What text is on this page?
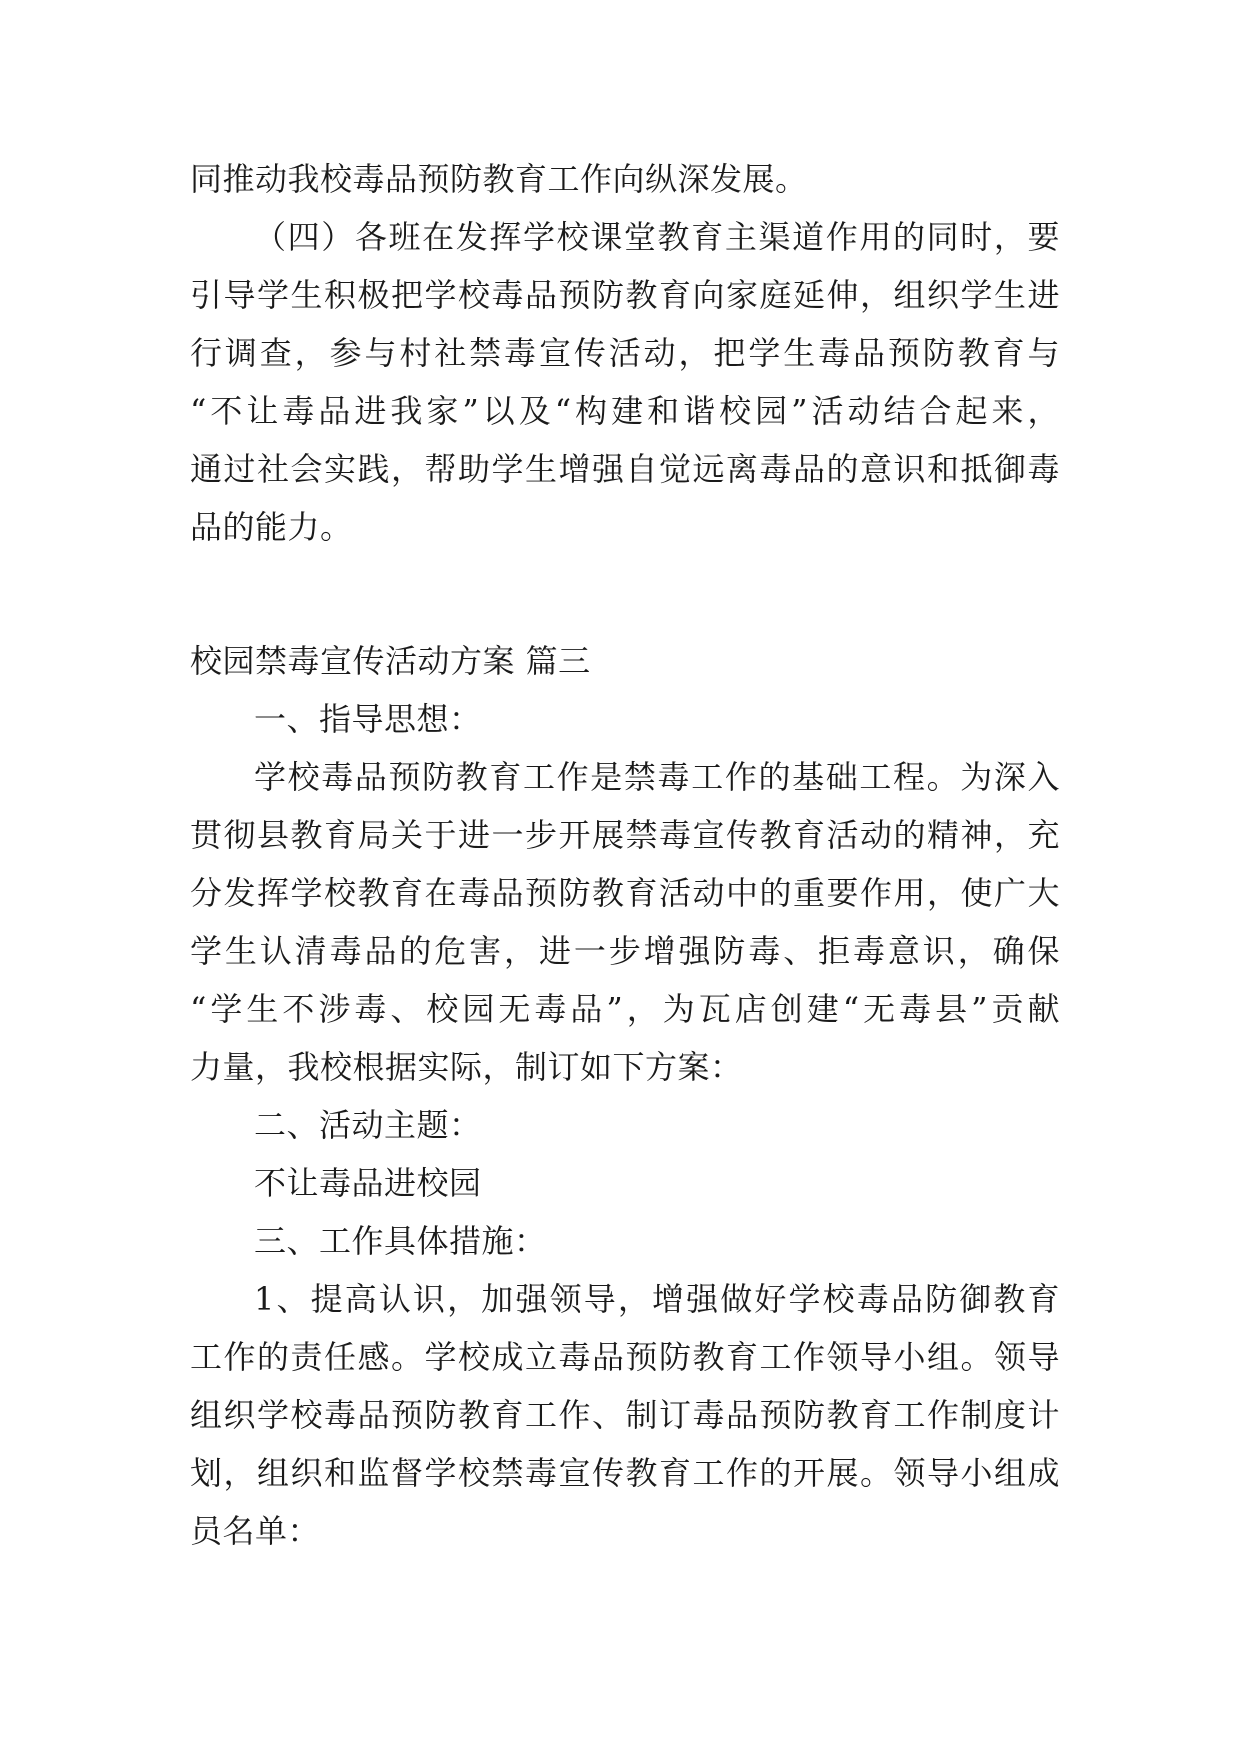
同推动我校毒品预防教育工作向纵深发展。
（四）各班在发挥学校课堂教育主渠道作用的同时，要
引导学生积极把学校毒品预防教育向家庭延伸，组织学生进
行调查，参与村社禁毒宣传活动，把学生毒品预防教育与
“不让毒品进我家”以及“构建和谐校园”活动结合起来，
通过社会实践，帮助学生增强自觉远离毒品的意识和抵御毒
品的能力。
校园禁毒宣传活动方案 篇三
一、指导思想：
学校毒品预防教育工作是禁毒工作的基础工程。为深入
贯彻县教育局关于进一步开展禁毒宣传教育活动的精神，充
分发挥学校教育在毒品预防教育活动中的重要作用，使广大
学生认清毒品的危害，进一步增强防毒、拒毒意识，确保
“学生不涉毒、校园无毒品”，为瓦店创建“无毒县”贡献
力量，我校根据实际，制订如下方案：
二、活动主题：
不让毒品进校园
三、工作具体措施：
1、提高认识，加强领导，增强做好学校毒品防御教育
工作的责任感。学校成立毒品预防教育工作领导小组。领导
组织学校毒品预防教育工作、制订毒品预防教育工作制度计
划，组织和监督学校禁毒宣传教育工作的开展。领导小组成
员名单：
